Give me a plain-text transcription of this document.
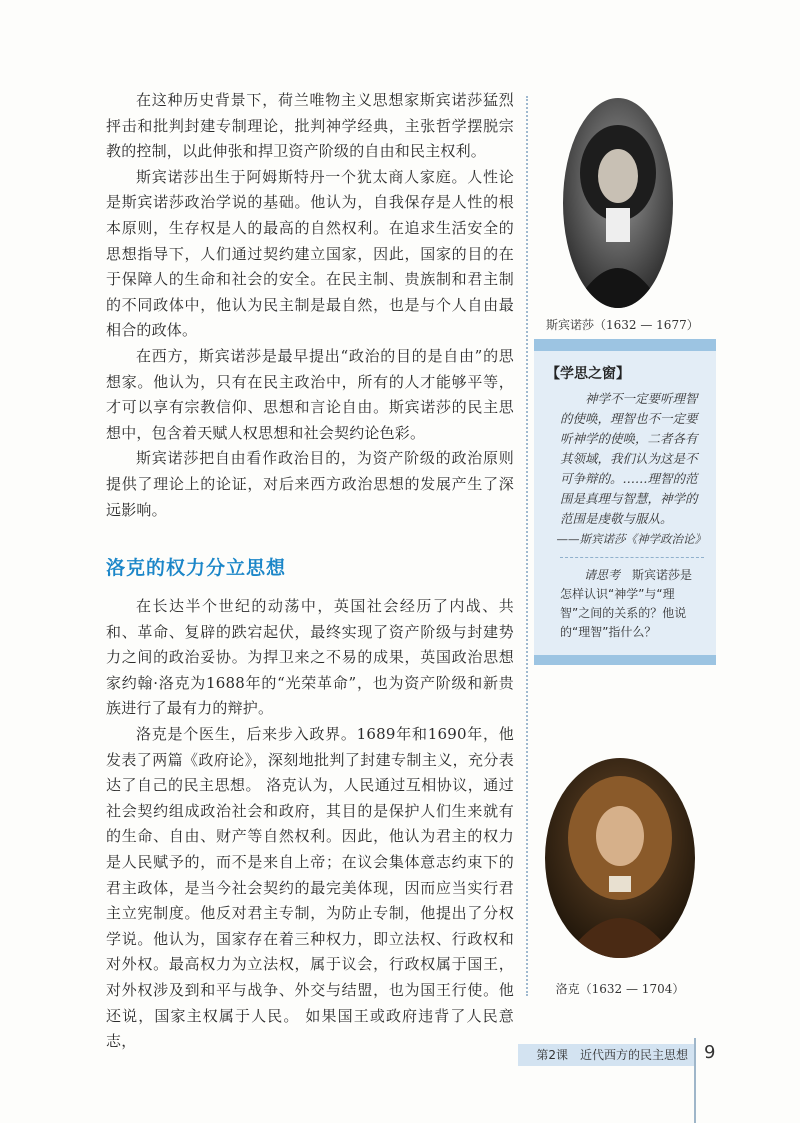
在这种历史背景下，荷兰唯物主义思想家斯宾诺莎猛烈抨击和批判封建专制理论，批判神学经典，主张哲学摆脱宗教的控制，以此伸张和捍卫资产阶级的自由和民主权利。

斯宾诺莎出生于阿姆斯特丹一个犹太商人家庭。人性论是斯宾诺莎政治学说的基础。他认为，自我保存是人性的根本原则，生存权是人的最高的自然权利。在追求生活安全的思想指导下，人们通过契约建立国家，因此，国家的目的在于保障人的生命和社会的安全。在民主制、贵族制和君主制的不同政体中，他认为民主制是最自然，也是与个人自由最相合的政体。

在西方，斯宾诺莎是最早提出“政治的目的是自由”的思想家。他认为，只有在民主政治中，所有的人才能够平等，才可以享有宗教信仰、思想和言论自由。斯宾诺莎的民主思想中，包含着天赋人权思想和社会契约论色彩。

斯宾诺莎把自由看作政治目的，为资产阶级的政治原则提供了理论上的论证，对后来西方政治思想的发展产生了深远影响。

洛克的权力分立思想

在长达半个世纪的动荡中，英国社会经历了内战、共和、革命、复辟的跌宕起伏，最终实现了资产阶级与封建势力之间的政治妥协。为捍卫来之不易的成果，英国政治思想家约翰·洛克为1688年的“光荣革命”，也为资产阶级和新贵族进行了最有力的辩护。

洛克是个医生，后来步入政界。1689年和1690年，他发表了两篇《政府论》，深刻地批判了封建专制主义，充分表达了自己的民主思想。 洛克认为，人民通过互相协议，通过社会契约组成政治社会和政府，其目的是保护人们生来就有的生命、自由、财产等自然权利。因此，他认为君主的权力是人民赋予的，而不是来自上帝；在议会集体意志约束下的君主政体，是当今社会契约的最完美体现，因而应当实行君主立宪制度。他反对君主专制，为防止专制，他提出了分权学说。他认为，国家存在着三种权力，即立法权、行政权和对外权。最高权力为立法权，属于议会，行政权属于国王，对外权涉及到和平与战争、外交与结盟，也为国王行使。他还说，国家主权属于人民。 如果国王或政府违背了人民意志，

斯宾诺莎（1632 — 1677）
【学思之窗】
神学不一定要听理智的使唤，理智也不一定要听神学的使唤，二者各有其领域，我们认为这是不可争辩的。……理智的范围是真理与智慧，神学的范围是虔敬与服从。
——斯宾诺莎《神学政治论》
请思考　 斯宾诺莎是怎样认识“神学”与“理智”之间的关系的？他说的“理智”指什么？
洛克（1632 — 1704）
第2课　近代西方的民主思想 9
